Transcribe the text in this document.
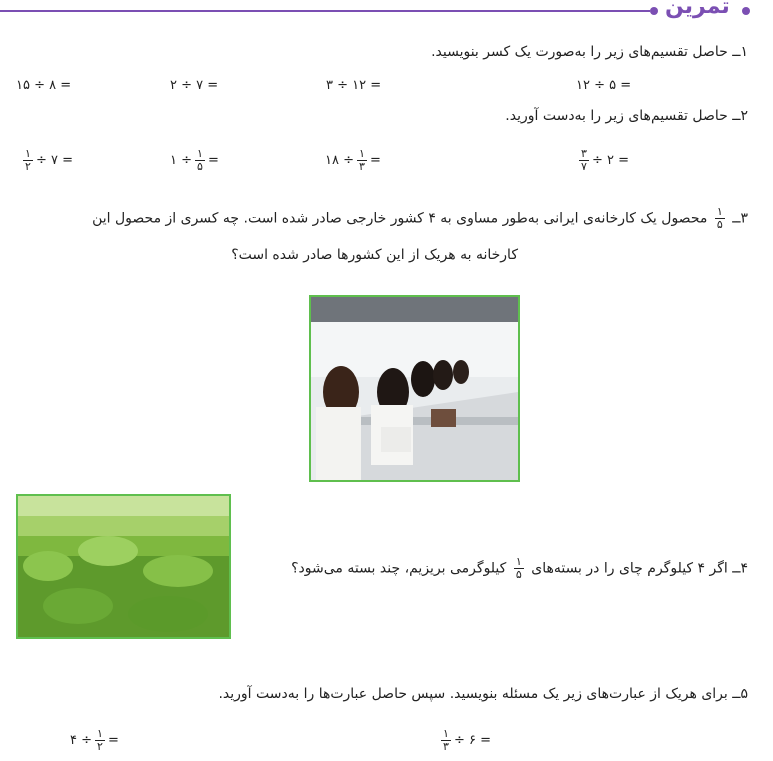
تمرین
۱ــ حاصل تقسیم‌های زیر را به‌صورت یک کسر بنویسید.
۱۵ ÷ ۸ =	۲ ÷ ۷ =	۳ ÷ ۱۲ =	۱۲ ÷ ۵ =
۲ــ حاصل تقسیم‌های زیر را به‌دست آورید.
$\frac{۱}{۲}$ ÷ ۷ =	۱ ÷ $\frac{۱}{۵}$ =	۱۸ ÷ $\frac{۱}{۳}$ =	$\frac{۳}{۷}$ ÷ ۲ =
۳ــ
$\frac{۱}{۵}$
محصول یک کارخانه‌ی ایرانی به‌طور مساوی به ۴ کشور خارجی صادر شده است. چه کسری از محصول این
کارخانه به هریک از این کشورها صادر شده است؟
۴ــ اگر ۴ کیلوگرم چای را در بسته‌های
$\frac{۱}{۵}$
کیلوگرمی بریزیم، چند بسته می‌شود؟
۵ــ برای هریک از عبارت‌های زیر یک مسئله بنویسید. سپس حاصل عبارت‌ها را به‌دست آورید.
۴ ÷ $\frac{۱}{۲}$ =	$\frac{۱}{۳}$ ÷ ۶ =
